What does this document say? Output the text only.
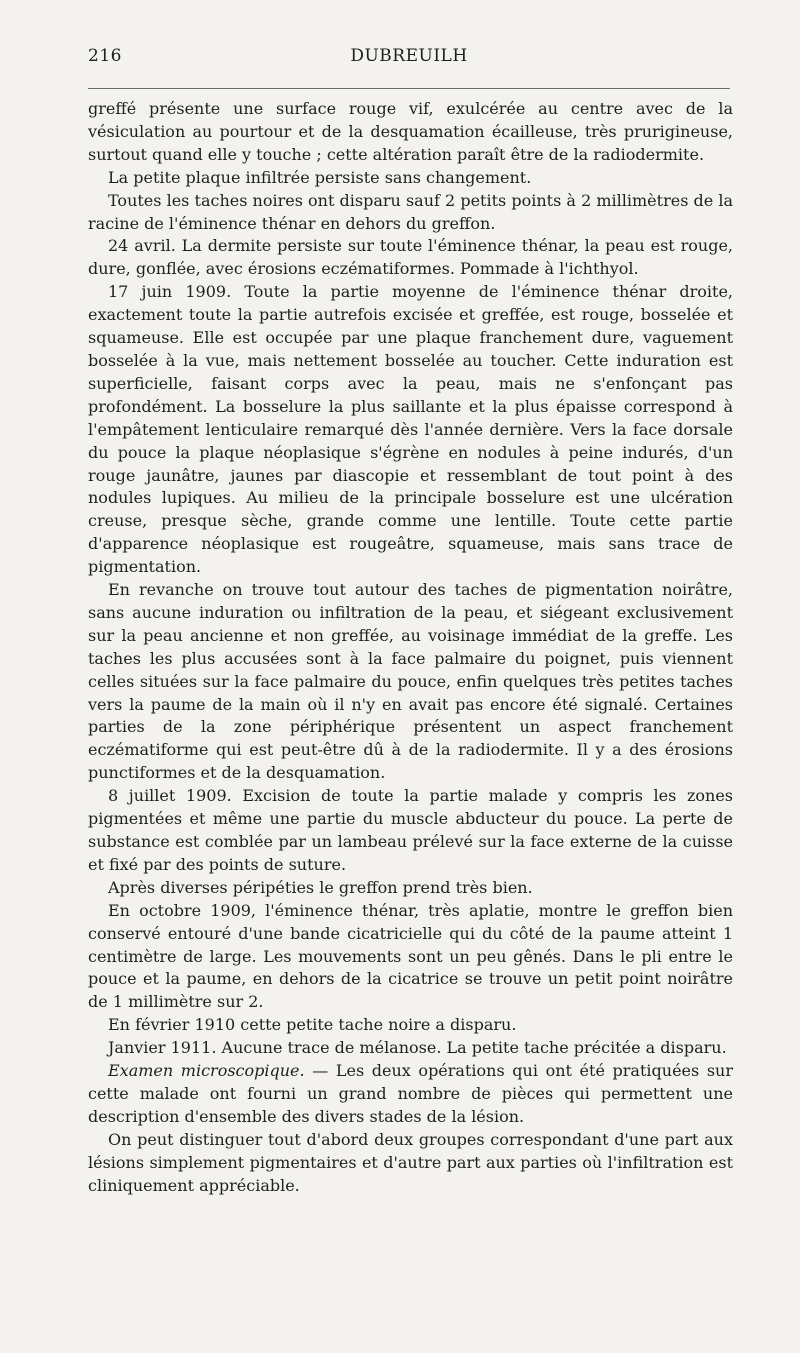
216	DUBREUILH

greffé présente une surface rouge vif, exulcérée au centre avec de la vésiculation au pourtour et de la desquamation écailleuse, très prurigineuse, surtout quand elle y touche ; cette altération paraît être de la radiodermite.

La petite plaque infiltrée persiste sans changement.

Toutes les taches noires ont disparu sauf 2 petits points à 2 millimètres de la racine de l'éminence thénar en dehors du greffon.

24 avril. La dermite persiste sur toute l'éminence thénar, la peau est rouge, dure, gonflée, avec érosions eczématiformes. Pommade à l'ichthyol.

17 juin 1909. Toute la partie moyenne de l'éminence thénar droite, exactement toute la partie autrefois excisée et greffée, est rouge, bosselée et squameuse. Elle est occupée par une plaque franchement dure, vaguement bosselée à la vue, mais nettement bosselée au toucher. Cette induration est superficielle, faisant corps avec la peau, mais ne s'enfonçant pas profondément. La bosselure la plus saillante et la plus épaisse correspond à l'empâtement lenticulaire remarqué dès l'année dernière. Vers la face dorsale du pouce la plaque néoplasique s'égrène en nodules à peine indurés, d'un rouge jaunâtre, jaunes par diascopie et ressemblant de tout point à des nodules lupiques. Au milieu de la principale bosselure est une ulcération creuse, presque sèche, grande comme une lentille. Toute cette partie d'apparence néoplasique est rougeâtre, squameuse, mais sans trace de pigmentation.

En revanche on trouve tout autour des taches de pigmentation noirâtre, sans aucune induration ou infiltration de la peau, et siégeant exclusivement sur la peau ancienne et non greffée, au voisinage immédiat de la greffe. Les taches les plus accusées sont à la face palmaire du poignet, puis viennent celles situées sur la face palmaire du pouce, enfin quelques très petites taches vers la paume de la main où il n'y en avait pas encore été signalé. Certaines parties de la zone périphérique présentent un aspect franchement eczématiforme qui est peut-être dû à de la radiodermite. Il y a des érosions punctiformes et de la desquamation.

8 juillet 1909. Excision de toute la partie malade y compris les zones pigmentées et même une partie du muscle abducteur du pouce. La perte de substance est comblée par un lambeau prélevé sur la face externe de la cuisse et fixé par des points de suture.

Après diverses péripéties le greffon prend très bien.

En octobre 1909, l'éminence thénar, très aplatie, montre le greffon bien conservé entouré d'une bande cicatricielle qui du côté de la paume atteint 1 centimètre de large. Les mouvements sont un peu gênés. Dans le pli entre le pouce et la paume, en dehors de la cicatrice se trouve un petit point noirâtre de 1 millimètre sur 2.

En février 1910 cette petite tache noire a disparu.

Janvier 1911. Aucune trace de mélanose. La petite tache précitée a disparu.

Examen microscopique. — Les deux opérations qui ont été pratiquées sur cette malade ont fourni un grand nombre de pièces qui permettent une description d'ensemble des divers stades de la lésion.

On peut distinguer tout d'abord deux groupes correspondant d'une part aux lésions simplement pigmentaires et d'autre part aux parties où l'infiltration est cliniquement appréciable.
